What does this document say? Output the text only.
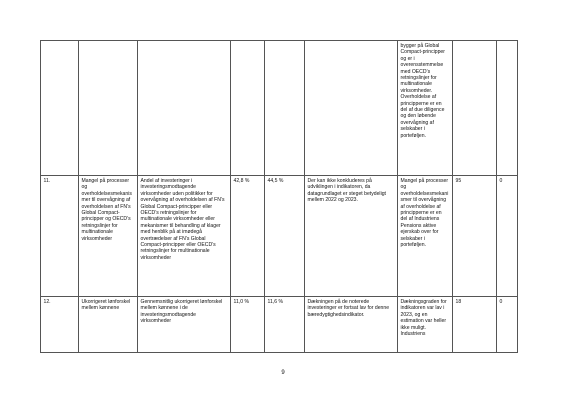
						bygger på Global Compact-principper og er i overensstemmelse med OECD’s retningslinjer for multinationale virksomheder. Overholdelse af principperne er en del af due diligence og den løbende overvågning af selskaber i porteføljen.		
11.	Mangel på processer og overholdelsesmekanismer til overvågning af overholdelsen af FN’s Global Compact-principper og OECD’s retningslinjer for multinationale virksomheder	Andel af investeringer i investeringsmodtagende virksomheder uden politikker for overvågning af overholdelsen af FN’s Global Compact-principper eller OECD’s retningslinjer for multinationale virksomheder eller mekanismer til behandling af klager med henblik på at imødegå overtrædelser af FN’s Global Compact-principper eller OECD’s retningslinjer for multinationale virksomheder	42,8 %	44,5 %	Der kan ikke konkluderes på udviklingen i indikatoren, da datagrundlaget er steget betydeligt mellem 2022 og 2023.	Mangel på processer og overholdelsesmekanismer til overvågning af overholdelse af principperne er en del af Industriens Pensions aktive ejerskab over for selskaber i porteføljen.	95	0
12.	Ukorrigeret lønforskel mellem kønnene	Gennemsnitlig ukorrigeret lønforskel mellem kønnene i de investeringsmodtagende virksomheder	11,0 %	11,6 %	Dækningen på de noterede investeringer er fortsat lav for denne bæredygtighedsindikator.	Dækningsgraden for indikatoren var lav i 2023, og en estimation var heller ikke muligt. Industriens	18	0
9
